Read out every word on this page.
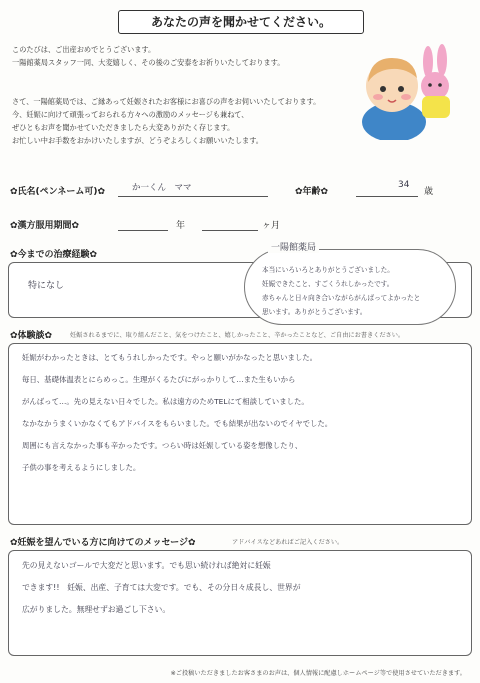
あなたの声を聞かせてください。
このたびは、ご出産おめでとうございます。
一陽館薬局スタッフ一同、大変嬉しく、その後のご安泰をお祈りいたしております。
さて、一陽館薬局では、ご縁あって妊娠されたお客様にお喜びの声をお伺いいたしております。
今、妊娠に向けて頑張っておられる方々への激励のメッセージも兼ねて、
ぜひともお声を聞かせていただきましたら大変ありがたく存じます。
お忙しい中お手数をおかけいたしますが、どうぞよろしくお願いいたします。
✿氏名(ペンネーム可)✿	か一くん　ママ	✿年齢✿
34
歳
✿漢方服用期間✿	年	ヶ月
✿今までの治療経験✿
特になし
一陽館薬局
本当にいろいろとありがとうございました。
妊娠できたこと、すごくうれしかったです。
赤ちゃんと日々向き合いながらがんばってよかったと
思います。ありがとうございます。
✿体験談✿	妊娠されるまでに、取り組んだこと、気をつけたこと、嬉しかったこと、辛かったことなど、ご自由にお書きください。
妊娠がわかったときは、とてもうれしかったです。やっと願いがかなったと思いました。
毎日、基礎体温表とにらめっこ。生理がくるたびにがっかりして…また生もいから
がんばって…。先の見えない日々でした。私は遠方のためTELにて相談していました。
なかなかうまくいかなくてもアドバイスをもらいました。でも結果が出ないのでイヤでした。
周囲にも言えなかった事も辛かったです。つらい時は妊娠している姿を想像したり、
子供の事を考えるようにしました。
✿妊娠を望んでいる方に向けてのメッセージ✿	アドバイスなどあればご記入ください。
先の見えないゴールで大変だと思います。でも思い続ければ絶対に妊娠
できます!!　妊娠、出産、子育ては大変です。でも、その分日々成長し、世界が
広がりました。無理せずお過ごし下さい。
※ご投稿いただきましたお客さまのお声は、個人情報に配慮しホームページ等で使用させていただきます。
